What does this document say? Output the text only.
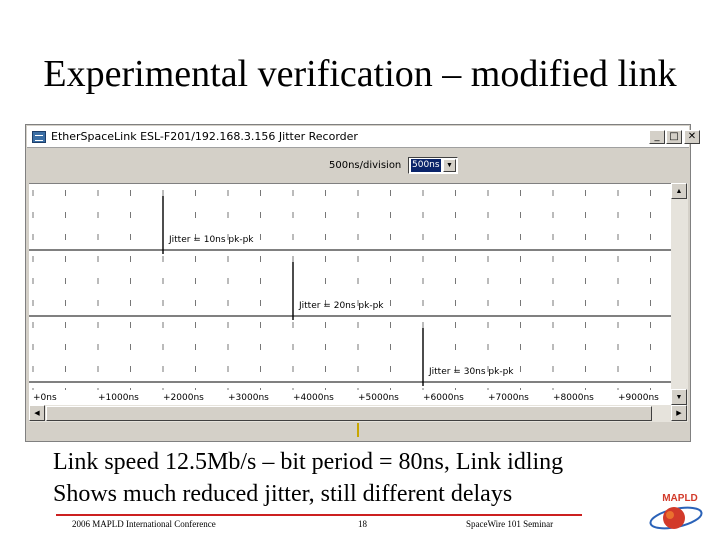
Experimental verification – modified link
EtherSpaceLink ESL-F201/192.168.3.156 Jitter Recorder	_ □ ✕
500ns/division 500ns ▼
Jitter = 10ns pk-pk
Jitter = 20ns pk-pk
Jitter = 30ns pk-pk
+0ns	+1000ns	+2000ns	+3000ns	+4000ns	+5000ns	+6000ns	+7000ns	+8000ns	+9000ns
▲
▼
◀	▶
Link speed 12.5Mb/s – bit period = 80ns, Link idling
Shows much reduced jitter, still different delays
2006 MAPLD International Conference	18	SpaceWire 101 Seminar
MAPLD
